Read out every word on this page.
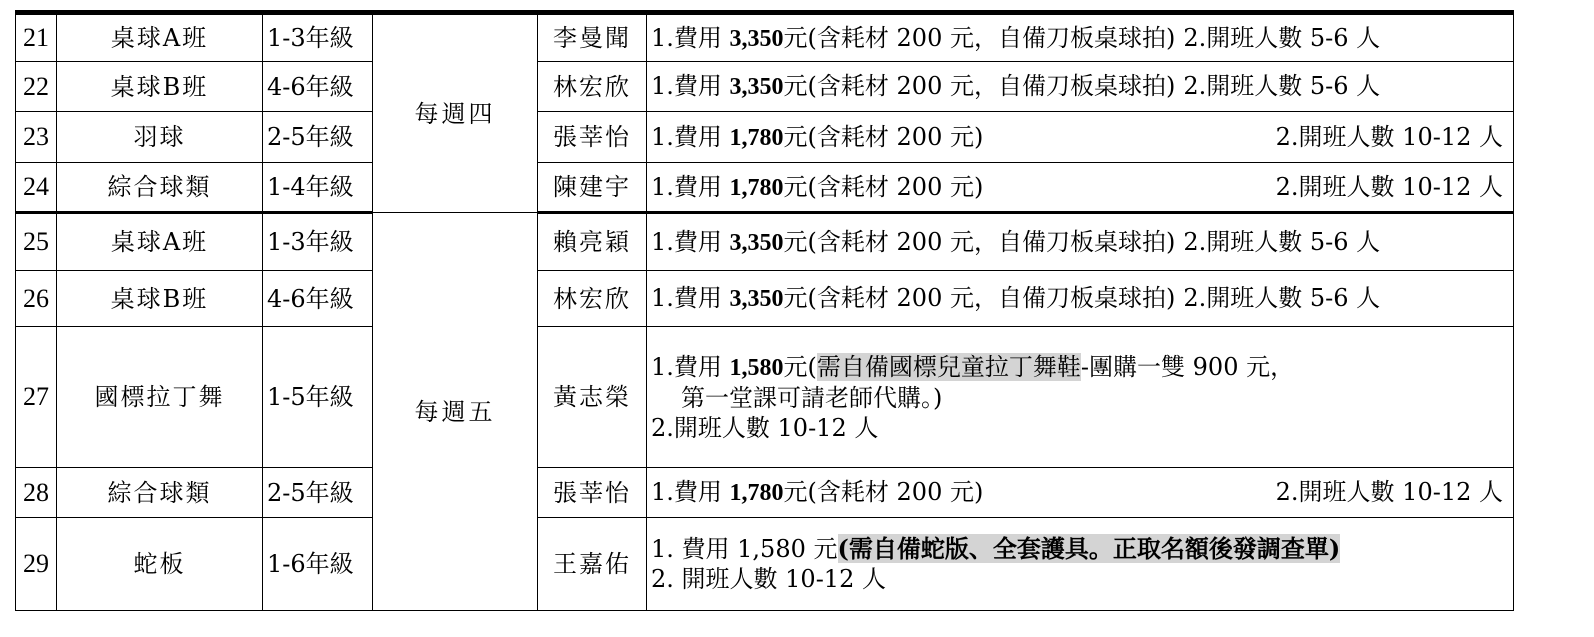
21	桌球A班	1-3年級	每週四	李曼聞	1.費用 3,350元(含耗材 200 元，自備刀板桌球拍) 2.開班人數 5-6 人

22	桌球B班	4-6年級		林宏欣	1.費用 3,350元(含耗材 200 元，自備刀板桌球拍) 2.開班人數 5-6 人

23	羽球	2-5年級		張莘怡	1.費用 1,780元(含耗材 200 元) 2.開班人數 10-12 人

24	綜合球類	1-4年級		陳建宇	1.費用 1,780元(含耗材 200 元) 2.開班人數 10-12 人

25	桌球A班	1-3年級	每週五	賴亮穎	1.費用 3,350元(含耗材 200 元，自備刀板桌球拍) 2.開班人數 5-6 人

26	桌球B班	4-6年級		林宏欣	1.費用 3,350元(含耗材 200 元，自備刀板桌球拍) 2.開班人數 5-6 人

27	國標拉丁舞	1-5年級		黃志榮	1.費用 1,580元(需自備國標兒童拉丁舞鞋-團購一雙 900 元，
第一堂課可請老師代購。)
2.開班人數 10-12 人

28	綜合球類	2-5年級		張莘怡	1.費用 1,780元(含耗材 200 元) 2.開班人數 10-12 人

29	蛇板	1-6年級		王嘉佑	1. 費用 1,580 元(需自備蛇版、全套護具。正取名額後發調查單)
2. 開班人數 10-12 人
